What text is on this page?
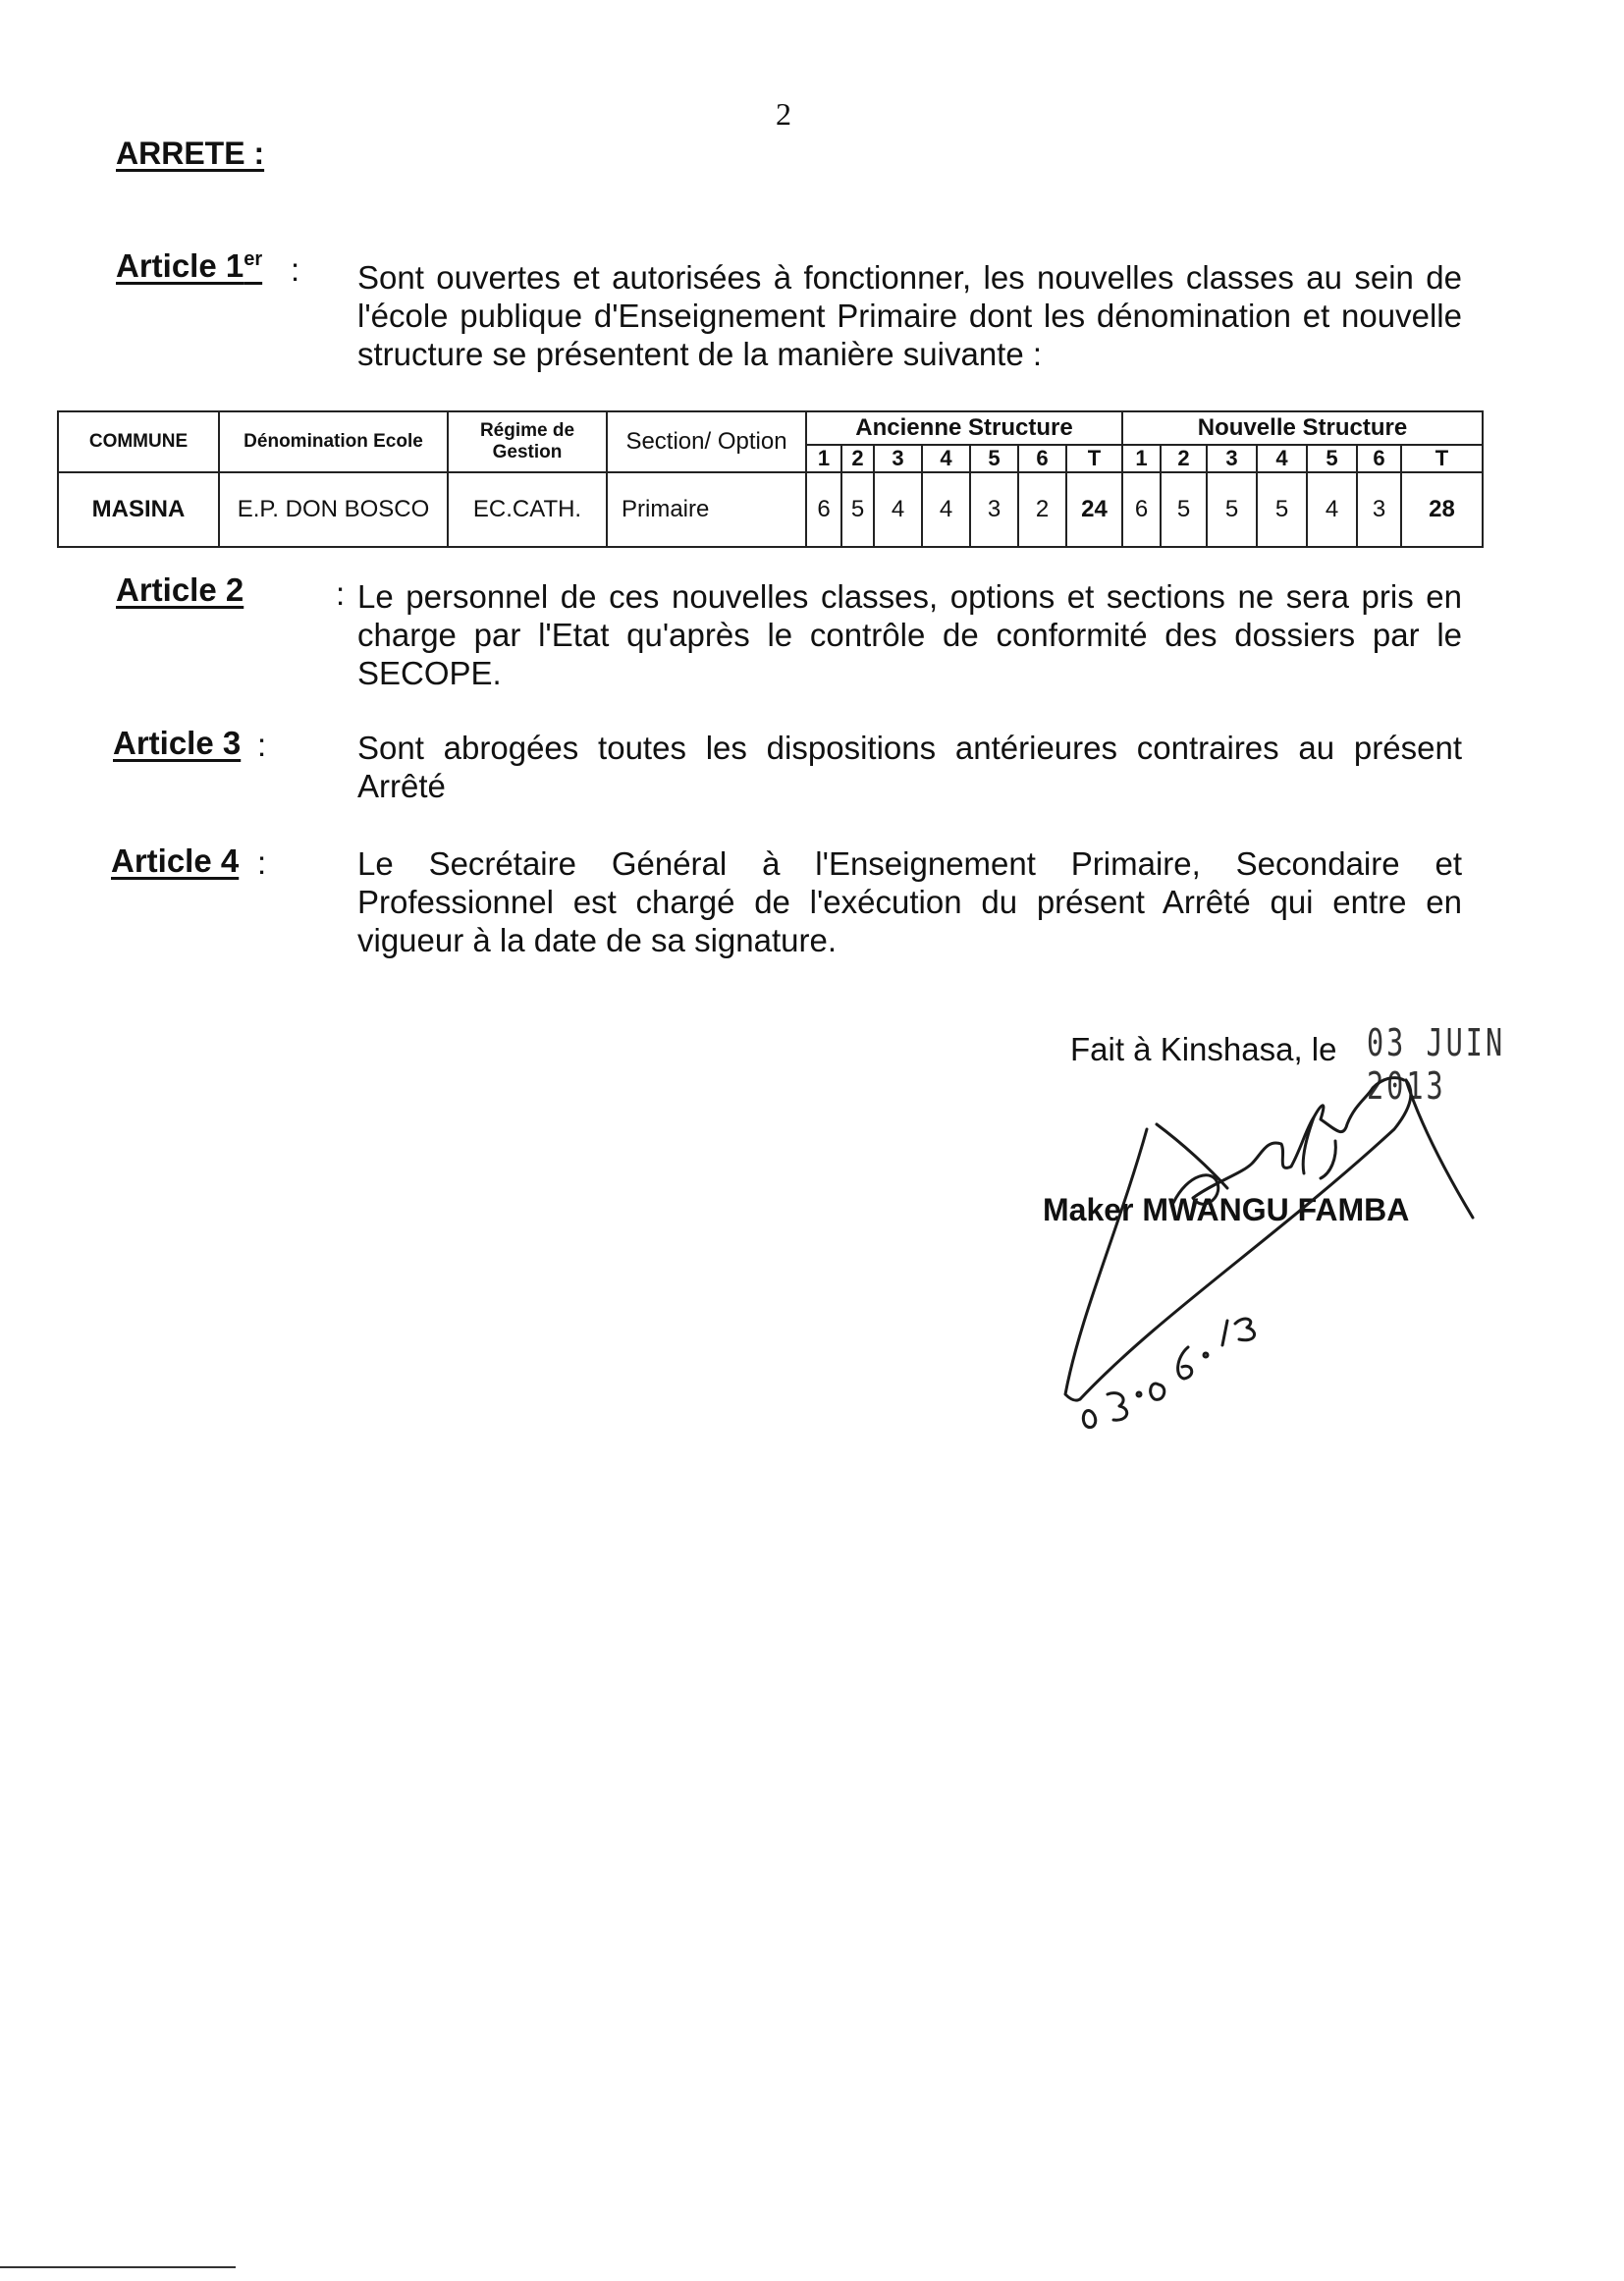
2
ARRETE :
Article 1er : Sont ouvertes et autorisées à fonctionner, les nouvelles classes au sein de l'école publique d'Enseignement Primaire dont les dénomination et nouvelle structure se présentent de la manière suivante :
COMMUNE	Dénomination Ecole	Régime de Gestion	Section/ Option	Ancienne Structure							Nouvelle Structure						
				1	2	3	4	5	6	T	1	2	3	4	5	6	T
MASINA	E.P. DON BOSCO	EC.CATH.	Primaire	6	5	4	4	3	2	24	6	5	5	5	4	3	28
Article 2	: Le personnel de ces nouvelles classes, options et sections ne sera pris en charge par l'Etat qu'après le contrôle de conformité des dossiers par le SECOPE.
Article 3 :	Sont abrogées toutes les dispositions antérieures contraires au présent Arrêté
Article 4 :	Le Secrétaire Général à l'Enseignement Primaire, Secondaire et Professionnel est chargé de l'exécution du présent Arrêté qui entre en vigueur à la date de sa signature.
Fait à Kinshasa, le 03 JUIN 2013
Maker MWANGU FAMBA
